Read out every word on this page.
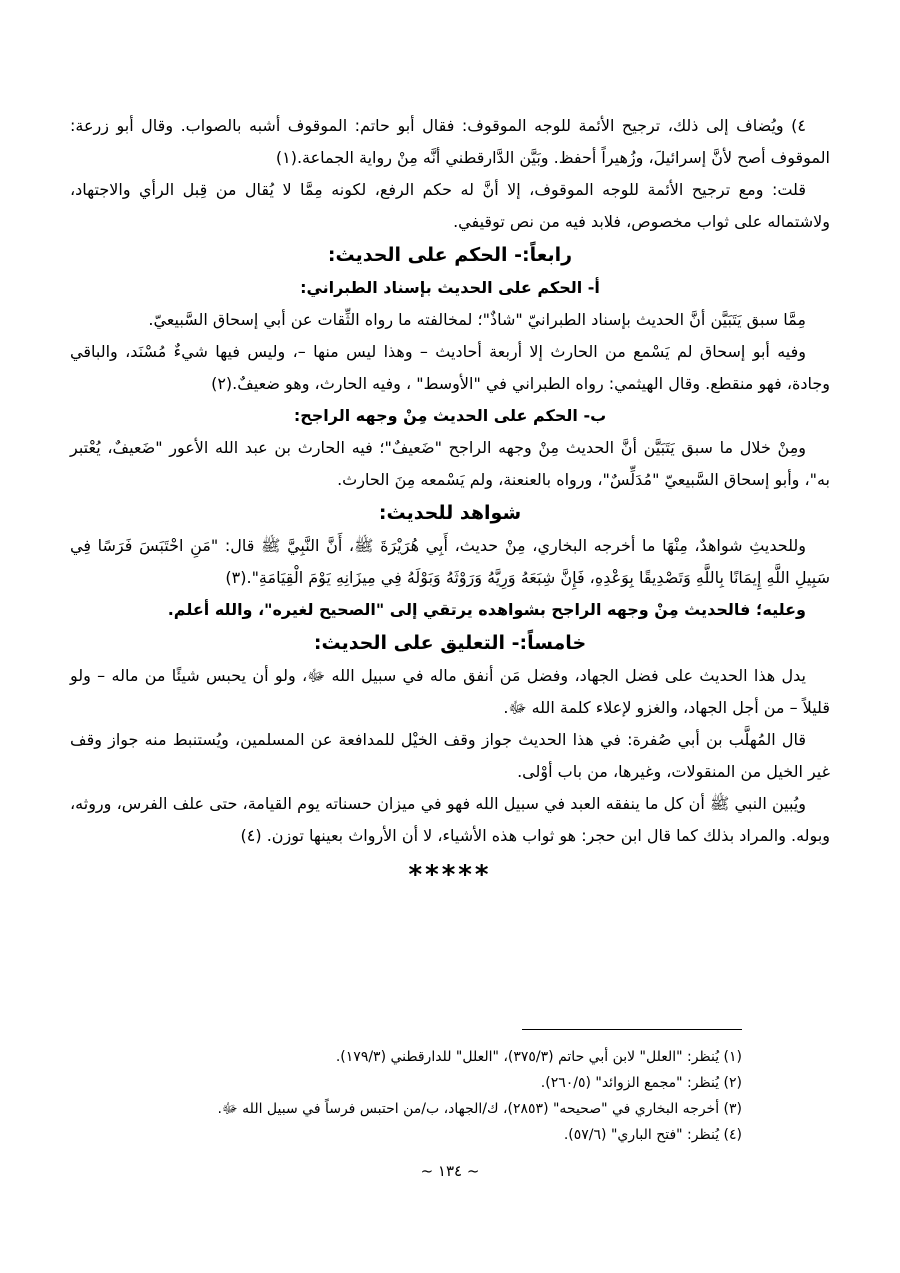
٤) ويُضاف إلى ذلك، ترجيح الأئمة للوجه الموقوف: فقال أبو حاتم: الموقوف أشبه بالصواب. وقال أبو زرعة: الموقوف أصح لأنَّ إسرائيلَ، وزُهيراً أحفظ. وبَيَّن الدَّارقطني أنَّه مِنْ رواية الجماعة.(١)

قلت: ومع ترجيح الأئمة للوجه الموقوف، إلا أنَّ له حكم الرفع، لكونه مِمَّا لا يُقال من قِبل الرأي والاجتهاد، ولاشتماله على ثواب مخصوص، فلابد فيه من نص توقيفي.

رابعاً:- الحكم على الحديث:

أ- الحكم على الحديث بإسناد الطبراني:

مِمَّا سبق يَتَبَيَّن أنَّ الحديث بإسناد الطبرانيّ "شاذٌ"؛ لمخالفته ما رواه الثِّقات عن أبي إسحاق السَّبيعيّ.

وفيه أبو إسحاق لم يَسْمع من الحارث إلا أربعة أحاديث – وهذا ليس منها –، وليس فيها شيءٌ مُسْنَد، والباقي وجادة، فهو منقطع. وقال الهيثمي: رواه الطبراني في "الأوسط" ، وفيه الحارث، وهو ضعيفٌ.(٢)

ب- الحكم على الحديث مِنْ وجهه الراجح:

ومِنْ خلال ما سبق يَتَبَيَّن أنَّ الحديث مِنْ وجهه الراجح "ضَعيفٌ"؛ فيه الحارث بن عبد الله الأعور "ضَعيفٌ، يُعْتبر به"، وأبو إسحاق السَّبيعيّ "مُدَلِّسٌ"، ورواه بالعنعنة، ولم يَسْمعه مِنَ الحارث.

شواهد للحديث:

وللحديثِ شواهدٌ، مِنْهَا ما أخرجه البخاري، مِنْ حديث، أَبِي هُرَيْرَةَ ﷺ، أَنَّ النَّبِيَّ ﷺ قال: "مَنِ احْتَبَسَ فَرَسًا فِي سَبِيلِ اللَّهِ إِيمَانًا بِاللَّهِ وَتَصْدِيقًا بِوَعْدِهِ، فَإِنَّ شِبَعَهُ وَرِيَّهُ وَرَوْثَهُ وَبَوْلَهُ فِي مِيزَانِهِ يَوْمَ الْقِيَامَةِ".(٣)

وعليه؛ فالحديث مِنْ وجهه الراجح بشواهده يرتقي إلى "الصحيح لغيره"، والله أعلم.

خامساً:- التعليق على الحديث:

يدل هذا الحديث على فضل الجهاد، وفضل مَن أنفق ماله في سبيل الله ﷻ، ولو أن يحبس شيئًا من ماله – ولو قليلاً – من أجل الجهاد، والغزو لإعلاء كلمة الله ﷻ.

قال المُهلَّب بن أبي صُفرة: في هذا الحديث جواز وقف الخيْل للمدافعة عن المسلمين، ويُستنبط منه جواز وقف غير الخيل من المنقولات، وغيرها، من باب أوْلى.

ويُبين النبي ﷺ أن كل ما ينفقه العبد في سبيل الله فهو في ميزان حسناته يوم القيامة، حتى علف الفرس، وروثه، وبوله. والمراد بذلك كما قال ابن حجر: هو ثواب هذه الأشياء، لا أن الأرواث بعينها توزن. (٤)

*****

(١) يُنظر: "العلل" لابن أبي حاتم (٣٧٥/٣)، "العلل" للدارقطني (١٧٩/٣).

(٢) يُنظر: "مجمع الزوائد" (٢٦٠/٥).

(٣) أخرجه البخاري في "صحيحه" (٢٨٥٣)، ك/الجهاد، ب/من احتبس فرساً في سبيل الله ﷻ.

(٤) يُنظر: "فتح الباري" (٥٧/٦).

~ ١٣٤ ~
